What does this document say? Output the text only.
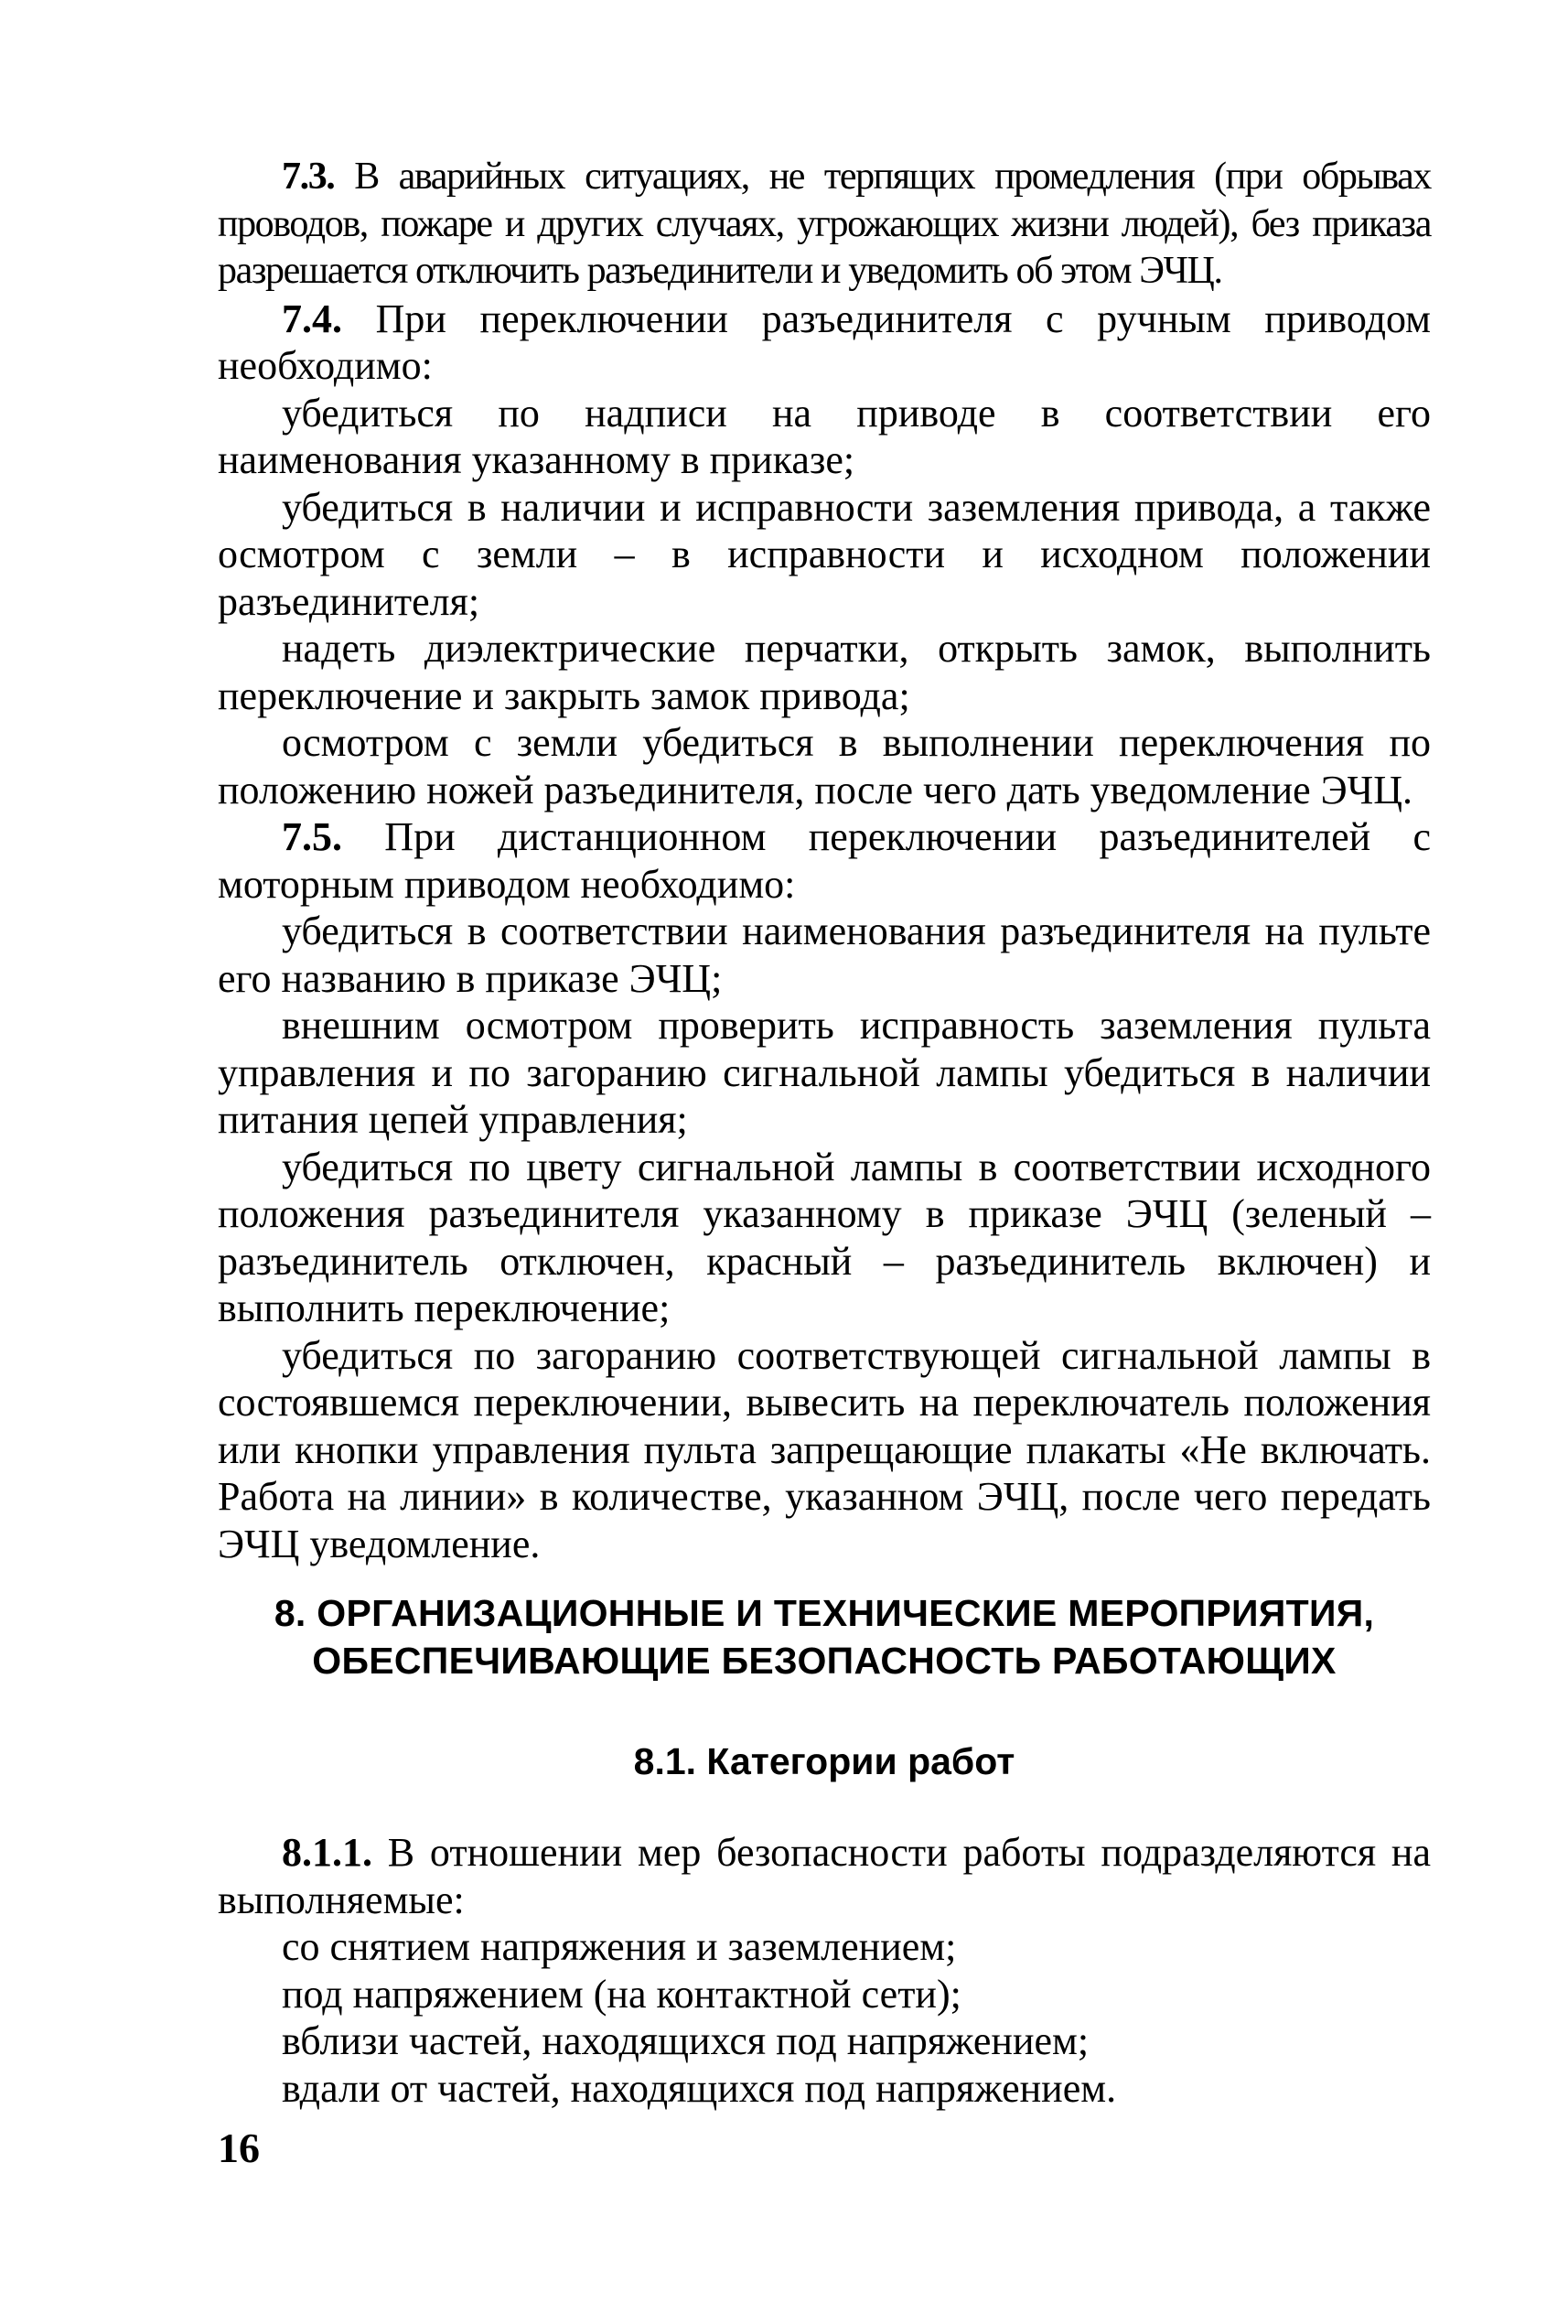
7.3. В аварийных ситуациях, не терпящих промедления (при обрывах проводов, пожаре и других случаях, угрожающих жизни людей), без приказа разрешается отключить разъединители и уведомить об этом ЭЧЦ.

7.4. При переключении разъединителя с ручным приводом необходимо:

убедиться по надписи на приводе в соответствии его наименования указанному в приказе;

убедиться в наличии и исправности заземления привода, а также осмотром с земли – в исправности и исходном положении разъединителя;

надеть диэлектрические перчатки, открыть замок, выполнить переключение и закрыть замок привода;

осмотром с земли убедиться в выполнении переключения по положению ножей разъединителя, после чего дать уведомление ЭЧЦ.

7.5. При дистанционном переключении разъединителей с моторным приводом необходимо:

убедиться в соответствии наименования разъединителя на пульте его названию в приказе ЭЧЦ;

внешним осмотром проверить исправность заземления пульта управления и по загоранию сигнальной лампы убедиться в наличии питания цепей управления;

убедиться по цвету сигнальной лампы в соответствии исходного положения разъединителя указанному в приказе ЭЧЦ (зеленый – разъединитель отключен, красный – разъединитель включен) и выполнить переключение;

убедиться по загоранию соответствующей сигнальной лампы в состоявшемся переключении, вывесить на переключатель положения или кнопки управления пульта запрещающие плакаты «Не включать. Работа на линии» в количестве, указанном ЭЧЦ, после чего передать ЭЧЦ уведомление.

8. ОРГАНИЗАЦИОННЫЕ И ТЕХНИЧЕСКИЕ МЕРОПРИЯТИЯ,
ОБЕСПЕЧИВАЮЩИЕ БЕЗОПАСНОСТЬ РАБОТАЮЩИХ
8.1. Категории работ

8.1.1. В отношении мер безопасности работы подразделяются на выполняемые:

со снятием напряжения и заземлением;

под напряжением (на контактной сети);

вблизи частей, находящихся под напряжением;

вдали от частей, находящихся под напряжением.

16
